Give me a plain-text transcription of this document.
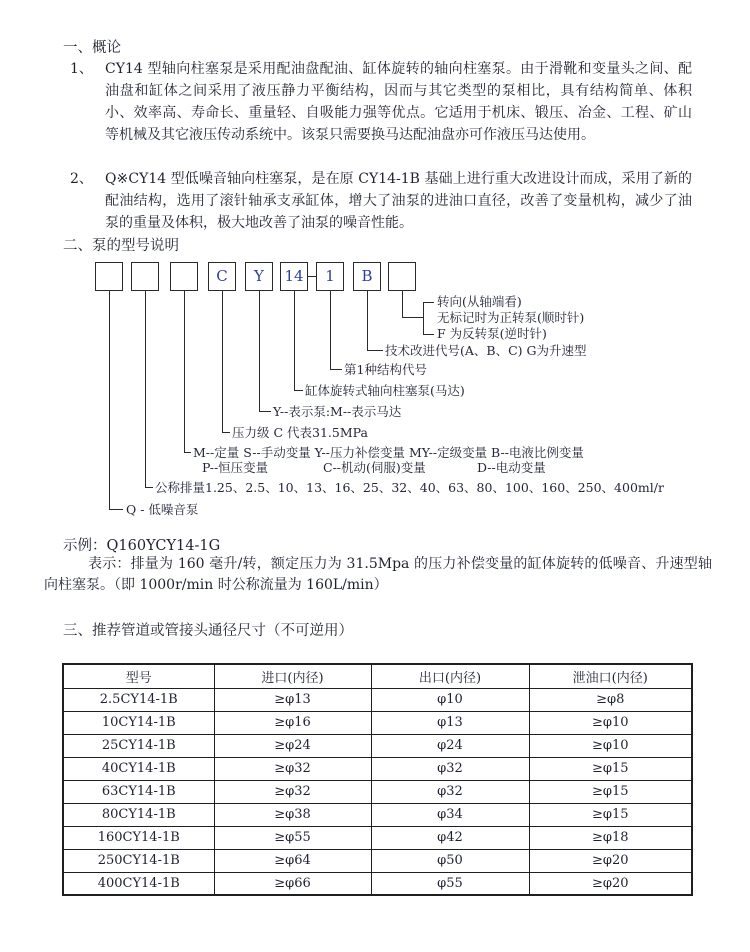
一、概论
1、 CY14 型轴向柱塞泵是采用配油盘配油、缸体旋转的轴向柱塞泵。由于滑靴和变量头之间、配油盘和缸体之间采用了液压静力平衡结构，因而与其它类型的泵相比，具有结构简单、体积小、效率高、寿命长、重量轻、自吸能力强等优点。它适用于机床、锻压、冶金、工程、矿山等机械及其它液压传动系统中。该泵只需要换马达配油盘亦可作液压马达使用。
2、 Q※CY14 型低噪音轴向柱塞泵，是在原 CY14-1B 基础上进行重大改进设计而成，采用了新的配油结构，选用了滚针轴承支承缸体，增大了油泵的进油口直径，改善了变量机构，减少了油泵的重量及体积，极大地改善了油泵的噪音性能。
二、泵的型号说明
C	Y	14	1	B
转向(从轴端看)
无标记时为正转泵(顺时针)
F 为反转泵(逆时针)
技术改进代号(A、B、C) G为升速型
第1种结构代号
缸体旋转式轴向柱塞泵(马达)
Y--表示泵:M--表示马达
压力级 C 代表31.5MPa
M--定量 S--手动变量 Y--压力补偿变量 MY--定级变量 B--电液比例变量
P--恒压变量	C--机动(伺服)变量	D--电动变量
公称排量1.25、2.5、10、13、16、25、32、40、63、80、100、160、250、400ml/r
Q - 低噪音泵
示例：Q160YCY14-1G
表示：排量为 160 毫升/转，额定压力为 31.5Mpa 的压力补偿变量的缸体旋转的低噪音、升速型轴向柱塞泵。（即 1000r/min 时公称流量为 160L/min）
三、推荐管道或管接头通径尺寸（不可逆用）
型号	进口(内径)	出口(内径)	泄油口(内径)
2.5CY14-1B	≥φ13	φ10	≥φ8
10CY14-1B	≥φ16	φ13	≥φ10
25CY14-1B	≥φ24	φ24	≥φ10
40CY14-1B	≥φ32	φ32	≥φ15
63CY14-1B	≥φ32	φ32	≥φ15
80CY14-1B	≥φ38	φ34	≥φ15
160CY14-1B	≥φ55	φ42	≥φ18
250CY14-1B	≥φ64	φ50	≥φ20
400CY14-1B	≥φ66	φ55	≥φ20
